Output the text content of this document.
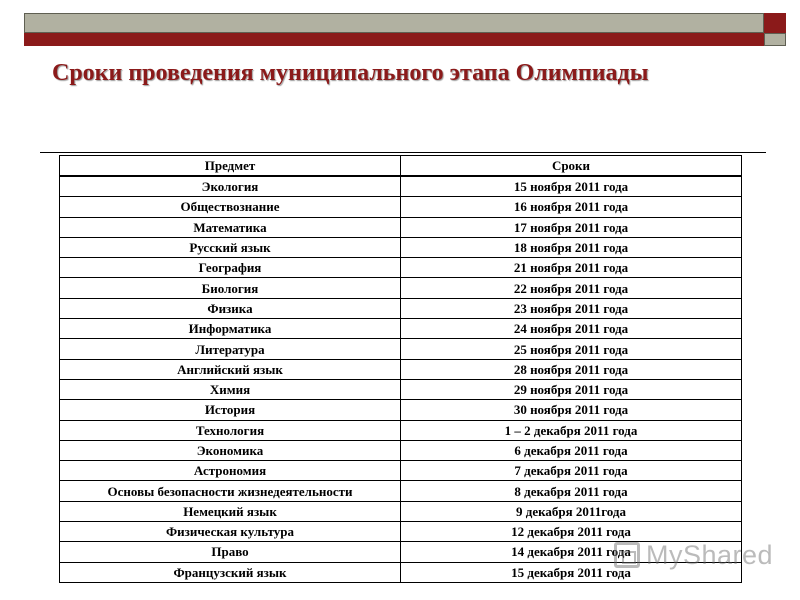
Сроки проведения муниципального этапа Олимпиады
Предмет	Сроки
Экология	15 ноября 2011 года
Обществознание	16 ноября 2011 года
Математика	17 ноября 2011 года
Русский язык	18 ноября 2011 года
География	21 ноября 2011 года
Биология	22 ноября 2011 года
Физика	23 ноября 2011 года
Информатика	24 ноября 2011 года
Литература	25 ноября 2011 года
Английский язык	28 ноября 2011 года
Химия	29 ноября 2011 года
История	30 ноября 2011 года
Технология	1 – 2 декабря 2011 года
Экономика	6 декабря 2011 года
Астрономия	7 декабря 2011 года
Основы безопасности жизнедеятельности	8 декабря 2011 года
Немецкий язык	9 декабря 2011года
Физическая культура	12 декабря 2011 года
Право	14 декабря 2011 года
Французский язык	15 декабря 2011 года
MyShared
